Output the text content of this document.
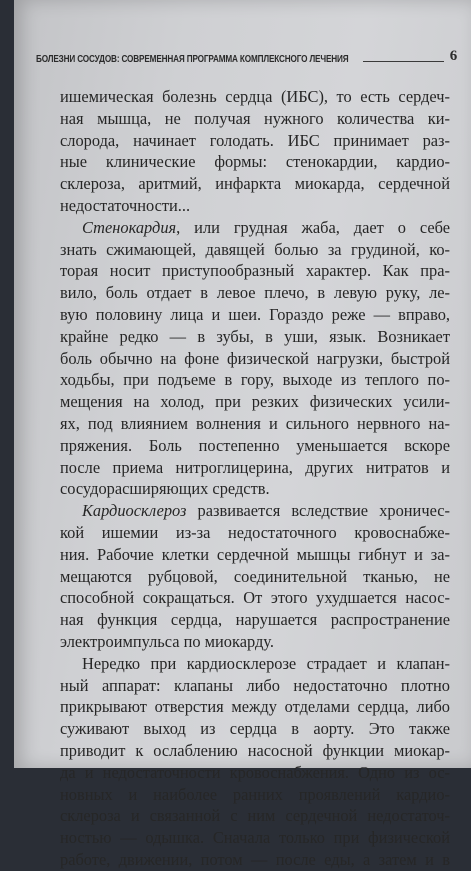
БОЛЕЗНИ СОСУДОВ: СОВРЕМЕННАЯ ПРОГРАММА КОМПЛЕКСНОГО ЛЕЧЕНИЯ	6
ишемическая болезнь сердца (ИБС), то есть сердеч-
ная мышца, не получая нужного количества ки-
слорода, начинает голодать. ИБС принимает раз-
ные клинические формы: стенокардии, кардио-
склероза, аритмий, инфаркта миокарда, сердечной
недостаточности...
Стенокардия, или грудная жаба, дает о себе
знать сжимающей, давящей болью за грудиной, ко-
торая носит приступообразный характер. Как пра-
вило, боль отдает в левое плечо, в левую руку, ле-
вую половину лица и шеи. Гораздо реже — вправо,
крайне редко — в зубы, в уши, язык. Возникает
боль обычно на фоне физической нагрузки, быстрой
ходьбы, при подъеме в гору, выходе из теплого по-
мещения на холод, при резких физических усили-
ях, под влиянием волнения и сильного нервного на-
пряжения. Боль постепенно уменьшается вскоре
после приема нитроглицерина, других нитратов и
сосудорасширяющих средств.
Кардиосклероз развивается вследствие хроничес-
кой ишемии из-за недостаточного кровоснабже-
ния. Рабочие клетки сердечной мышцы гибнут и за-
мещаются рубцовой, соединительной тканью, не
способной сокращаться. От этого ухудшается насос-
ная функция сердца, нарушается распространение
электроимпульса по миокарду.
Нередко при кардиосклерозе страдает и клапан-
ный аппарат: клапаны либо недостаточно плотно
прикрывают отверстия между отделами сердца, либо
суживают выход из сердца в аорту. Это также
приводит к ослаблению насосной функции миокар-
да и недостаточности кровоснабжения. Одно из ос-
новных и наиболее ранних проявлений кардио-
склероза и связанной с ним сердечной недостаточ-
ностью — одышка. Сначала только при физической
работе, движении, потом — после еды, а затем и в
